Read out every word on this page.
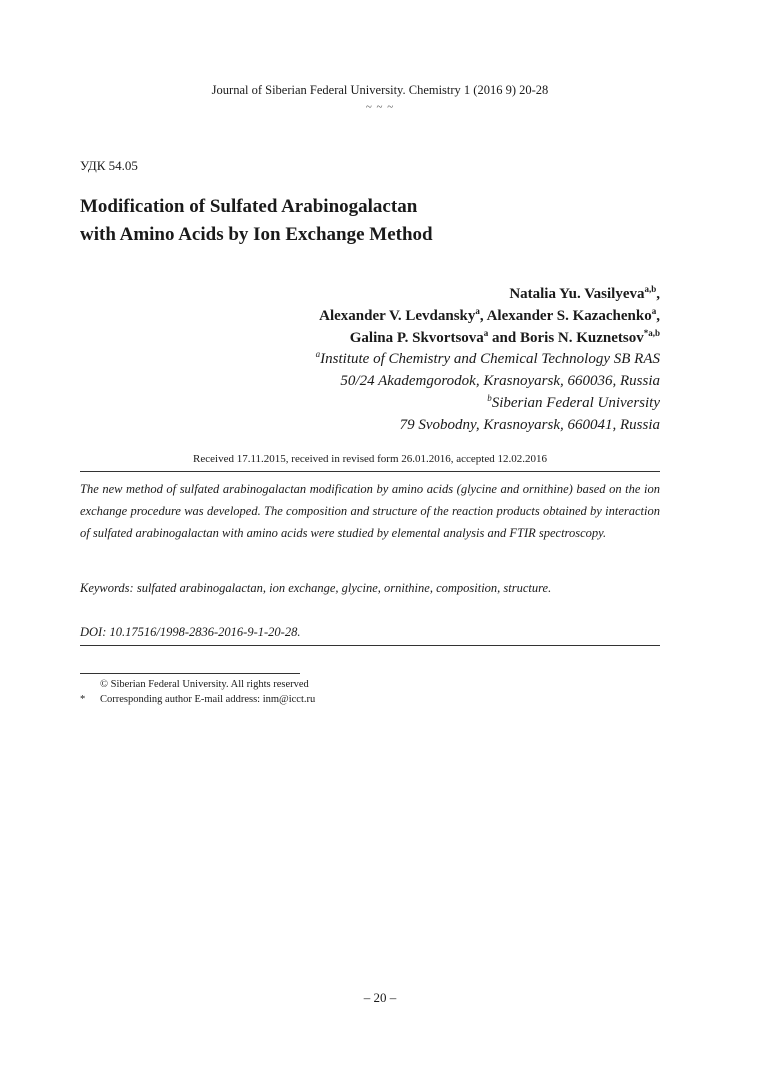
Journal of Siberian Federal University. Chemistry 1 (2016 9) 20-28
~ ~ ~
УДК 54.05
Modification of Sulfated Arabinogalactan
with Amino Acids by Ion Exchange Method
Natalia Yu. Vasilyeva$^{a,b}$,
Alexander V. Levdansky$^a$, Alexander S. Kazachenko$^a$,
Galina P. Skvortsova$^a$ and Boris N. Kuznetsov$^{*a,b}$
$^a$Institute of Chemistry and Chemical Technology SB RAS
50/24 Akademgorodok, Krasnoyarsk, 660036, Russia
$^b$Siberian Federal University
79 Svobodny, Krasnoyarsk, 660041, Russia
Received 17.11.2015, received in revised form 26.01.2016, accepted 12.02.2016
The new method of sulfated arabinogalactan modification by amino acids (glycine and ornithine) based on the ion exchange procedure was developed. The composition and structure of the reaction products obtained by interaction of sulfated arabinogalactan with amino acids were studied by elemental analysis and FTIR spectroscopy.
Keywords: sulfated arabinogalactan, ion exchange, glycine, ornithine, composition, structure.
DOI: 10.17516/1998-2836-2016-9-1-20-28.
© Siberian Federal University. All rights reserved
* Corresponding author E-mail address: inm@icct.ru
– 20 –
